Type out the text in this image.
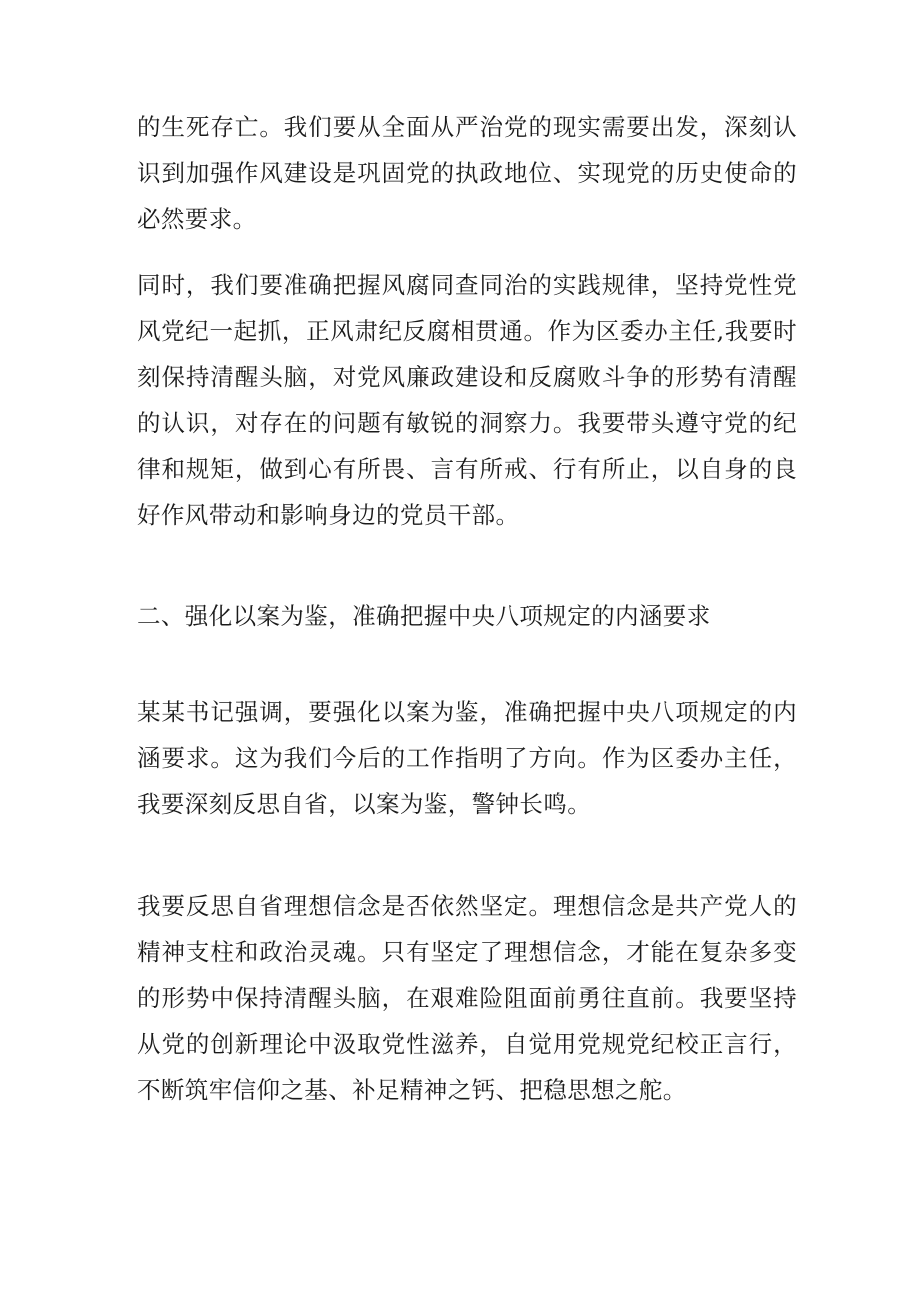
的生死存亡。我们要从全面从严治党的现实需要出发，深刻认识到加强作风建设是巩固党的执政地位、实现党的历史使命的必然要求。

同时，我们要准确把握风腐同查同治的实践规律，坚持党性党风党纪一起抓，正风肃纪反腐相贯通。作为区委办主任,我要时刻保持清醒头脑，对党风廉政建设和反腐败斗争的形势有清醒的认识，对存在的问题有敏锐的洞察力。我要带头遵守党的纪律和规矩，做到心有所畏、言有所戒、行有所止，以自身的良好作风带动和影响身边的党员干部。

二、强化以案为鉴，准确把握中央八项规定的内涵要求

某某书记强调，要强化以案为鉴，准确把握中央八项规定的内涵要求。这为我们今后的工作指明了方向。作为区委办主任，我要深刻反思自省，以案为鉴，警钟长鸣。

我要反思自省理想信念是否依然坚定。理想信念是共产党人的精神支柱和政治灵魂。只有坚定了理想信念，才能在复杂多变的形势中保持清醒头脑，在艰难险阻面前勇往直前。我要坚持从党的创新理论中汲取党性滋养，自觉用党规党纪校正言行，不断筑牢信仰之基、补足精神之钙、把稳思想之舵。
